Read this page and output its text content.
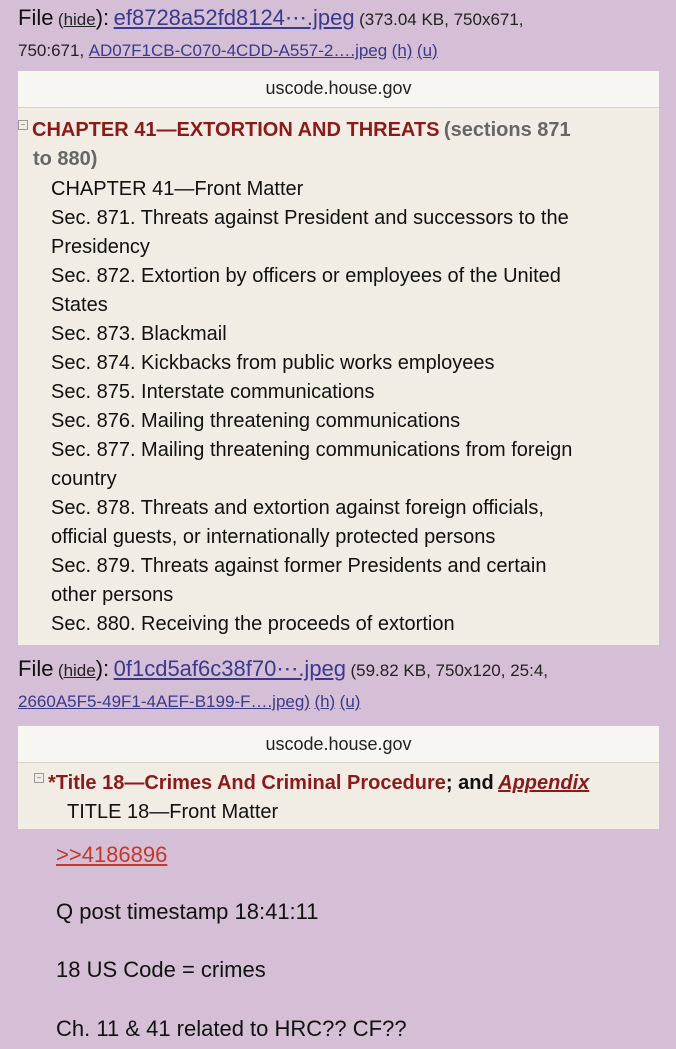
File (hide): ef8728a52fd8124⋯.jpeg (373.04 KB, 750x671,
750:671, AD07F1CB-C070-4CDD-A557-2….jpeg (h) (u)
uscode.house.gov
− CHAPTER 41—EXTORTION AND THREATS (sections 871
to 880)
CHAPTER 41—Front Matter
Sec. 871. Threats against President and successors to the
Presidency
Sec. 872. Extortion by officers or employees of the United
States
Sec. 873. Blackmail
Sec. 874. Kickbacks from public works employees
Sec. 875. Interstate communications
Sec. 876. Mailing threatening communications
Sec. 877. Mailing threatening communications from foreign
country
Sec. 878. Threats and extortion against foreign officials,
official guests, or internationally protected persons
Sec. 879. Threats against former Presidents and certain
other persons
Sec. 880. Receiving the proceeds of extortion
File (hide): 0f1cd5af6c38f70⋯.jpeg (59.82 KB, 750x120, 25:4,
2660A5F5-49F1-4AEF-B199-F….jpeg) (h) (u)
uscode.house.gov
− *Title 18—Crimes And Criminal Procedure; and Appendix
TITLE 18—Front Matter
>>4186896
Q post timestamp 18:41:11
18 US Code = crimes
Ch. 11 & 41 related to HRC?? CF??
